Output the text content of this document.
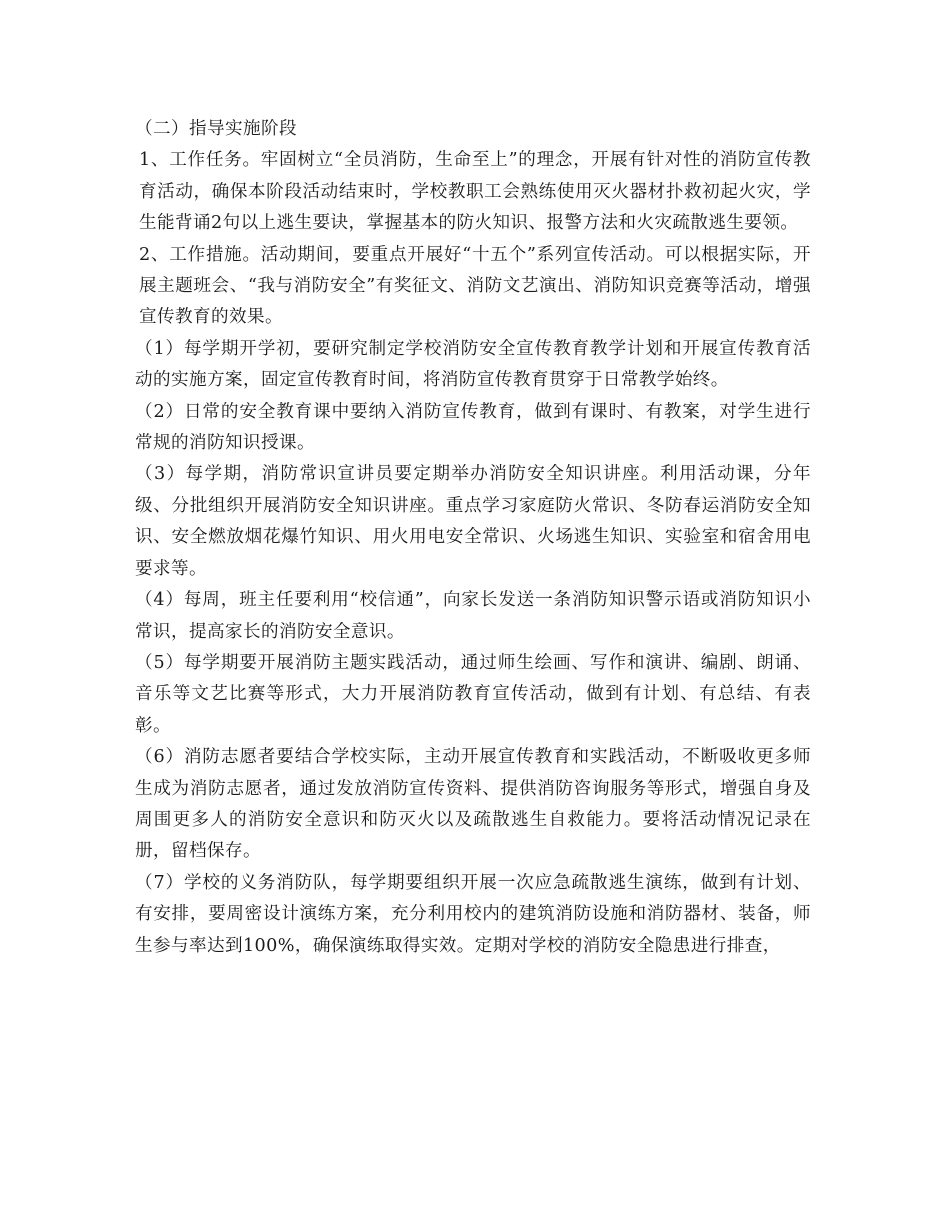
（二）指导实施阶段

1、工作任务。牢固树立“全员消防，生命至上”的理念，开展有针对性的消防宣传教育活动，确保本阶段活动结束时，学校教职工会熟练使用灭火器材扑救初起火灾，学生能背诵2句以上逃生要诀，掌握基本的防火知识、报警方法和火灾疏散逃生要领。

2、工作措施。活动期间，要重点开展好“十五个”系列宣传活动。可以根据实际，开展主题班会、“我与消防安全”有奖征文、消防文艺演出、消防知识竞赛等活动，增强宣传教育的效果。

（1）每学期开学初，要研究制定学校消防安全宣传教育教学计划和开展宣传教育活动的实施方案，固定宣传教育时间，将消防宣传教育贯穿于日常教学始终。

（2）日常的安全教育课中要纳入消防宣传教育，做到有课时、有教案，对学生进行常规的消防知识授课。

（3）每学期，消防常识宣讲员要定期举办消防安全知识讲座。利用活动课，分年级、分批组织开展消防安全知识讲座。重点学习家庭防火常识、冬防春运消防安全知识、安全燃放烟花爆竹知识、用火用电安全常识、火场逃生知识、实验室和宿舍用电要求等。

（4）每周，班主任要利用“校信通”，向家长发送一条消防知识警示语或消防知识小常识，提高家长的消防安全意识。

（5）每学期要开展消防主题实践活动，通过师生绘画、写作和演讲、编剧、朗诵、音乐等文艺比赛等形式，大力开展消防教育宣传活动，做到有计划、有总结、有表彰。

（6）消防志愿者要结合学校实际，主动开展宣传教育和实践活动，不断吸收更多师生成为消防志愿者，通过发放消防宣传资料、提供消防咨询服务等形式，增强自身及周围更多人的消防安全意识和防灭火以及疏散逃生自救能力。要将活动情况记录在册，留档保存。

（7）学校的义务消防队，每学期要组织开展一次应急疏散逃生演练，做到有计划、有安排，要周密设计演练方案，充分利用校内的建筑消防设施和消防器材、装备，师生参与率达到100%，确保演练取得实效。定期对学校的消防安全隐患进行排查，
